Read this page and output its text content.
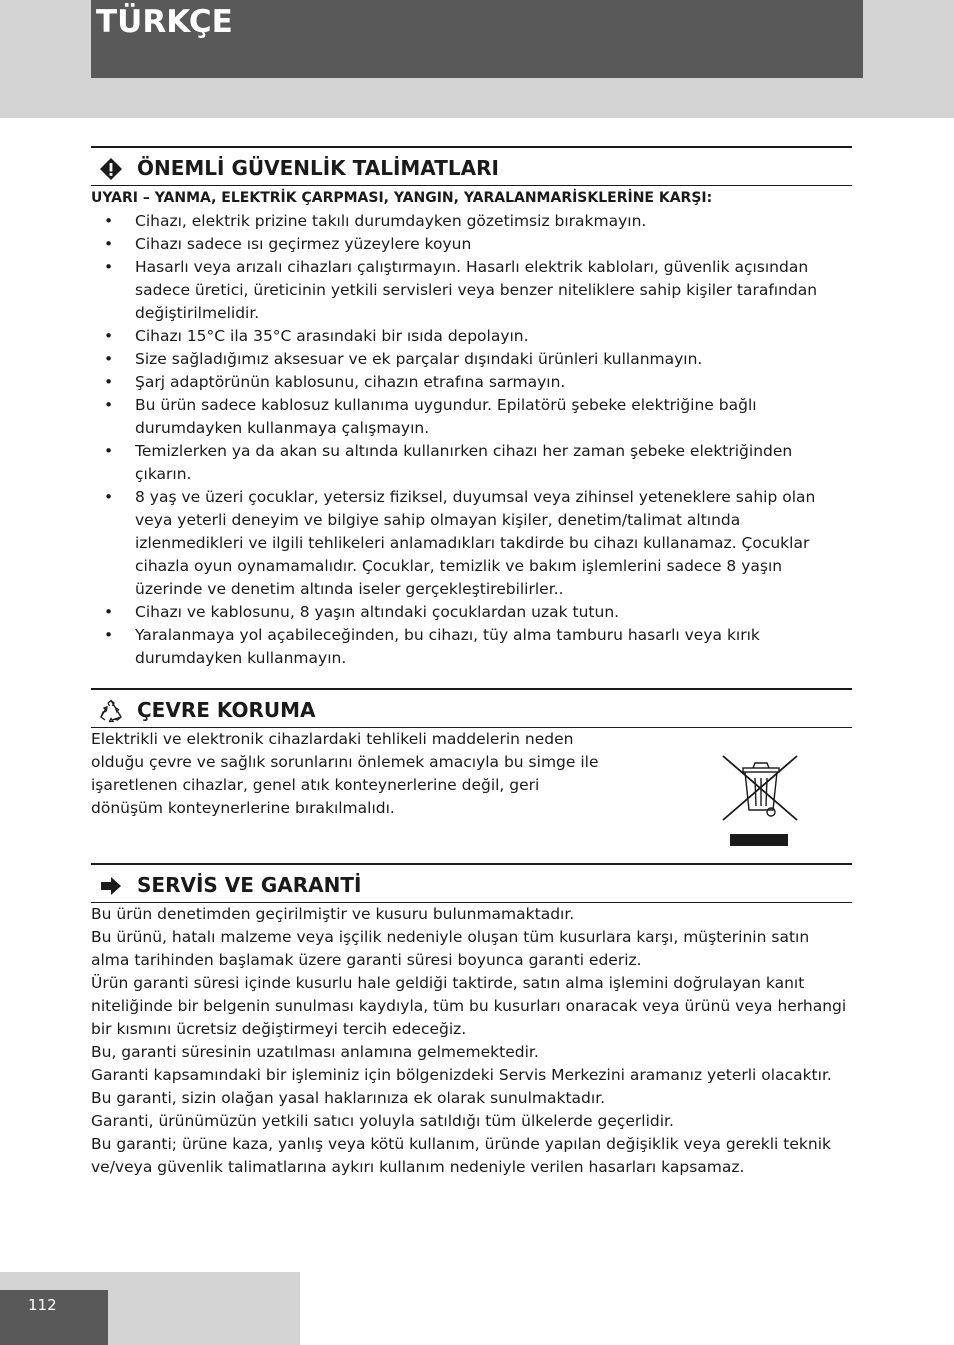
TÜRKÇE
ÖNEMLİ GÜVENLİK TALİMATLARI

UYARI – YANMA, ELEKTRİK ÇARPMASI, YANGIN, YARALANMARİSKLERİNE KARŞI:

• Cihazı, elektrik prizine takılı durumdayken gözetimsiz bırakmayın.
• Cihazı sadece ısı geçirmez yüzeylere koyun
• Hasarlı veya arızalı cihazları çalıştırmayın. Hasarlı elektrik kabloları, güvenlik açısından sadece üretici, üreticinin yetkili servisleri veya benzer niteliklere sahip kişiler tarafından değiştirilmelidir.
• Cihazı 15°C ila 35°C arasındaki bir ısıda depolayın.
• Size sağladığımız aksesuar ve ek parçalar dışındaki ürünleri kullanmayın.
• Şarj adaptörünün kablosunu, cihazın etrafına sarmayın.
• Bu ürün sadece kablosuz kullanıma uygundur. Epilatörü şebeke elektriğine bağlı durumdayken kullanmaya çalışmayın.
• Temizlerken ya da akan su altında kullanırken cihazı her zaman şebeke elektriğinden çıkarın.
• 8 yaş ve üzeri çocuklar, yetersiz fiziksel, duyumsal veya zihinsel yeteneklere sahip olan veya yeterli deneyim ve bilgiye sahip olmayan kişiler, denetim/talimat altında izlenmedikleri ve ilgili tehlikeleri anlamadıkları takdirde bu cihazı kullanamaz. Çocuklar cihazla oyun oynamamalıdır. Çocuklar, temizlik ve bakım işlemlerini sadece 8 yaşın üzerinde ve denetim altında iseler gerçekleştirebilirler..
• Cihazı ve kablosunu, 8 yaşın altındaki çocuklardan uzak tutun.
• Yaralanmaya yol açabileceğinden, bu cihazı, tüy alma tamburu hasarlı veya kırık durumdayken kullanmayın.
ÇEVRE KORUMA

Elektrikli ve elektronik cihazlardaki tehlikeli maddelerin neden olduğu çevre ve sağlık sorunlarını önlemek amacıyla bu simge ile işaretlenen cihazlar, genel atık konteynerlerine değil, geri dönüşüm konteynerlerine bırakılmalıdı.

SERVİS VE GARANTİ

Bu ürün denetimden geçirilmiştir ve kusuru bulunmamaktadır.

Bu ürünü, hatalı malzeme veya işçilik nedeniyle oluşan tüm kusurlara karşı, müşterinin satın alma tarihinden başlamak üzere garanti süresi boyunca garanti ederiz.

Ürün garanti süresi içinde kusurlu hale geldiği taktirde, satın alma işlemini doğrulayan kanıt niteliğinde bir belgenin sunulması kaydıyla, tüm bu kusurları onaracak veya ürünü veya herhangi bir kısmını ücretsiz değiştirmeyi tercih edeceğiz.

Bu, garanti süresinin uzatılması anlamına gelmemektedir.

Garanti kapsamındaki bir işleminiz için bölgenizdeki Servis Merkezini aramanız yeterli olacaktır.

Bu garanti, sizin olağan yasal haklarınıza ek olarak sunulmaktadır.

Garanti, ürünümüzün yetkili satıcı yoluyla satıldığı tüm ülkelerde geçerlidir.

Bu garanti; ürüne kaza, yanlış veya kötü kullanım, üründe yapılan değişiklik veya gerekli teknik ve/veya güvenlik talimatlarına aykırı kullanım nedeniyle verilen hasarları kapsamaz.

112
